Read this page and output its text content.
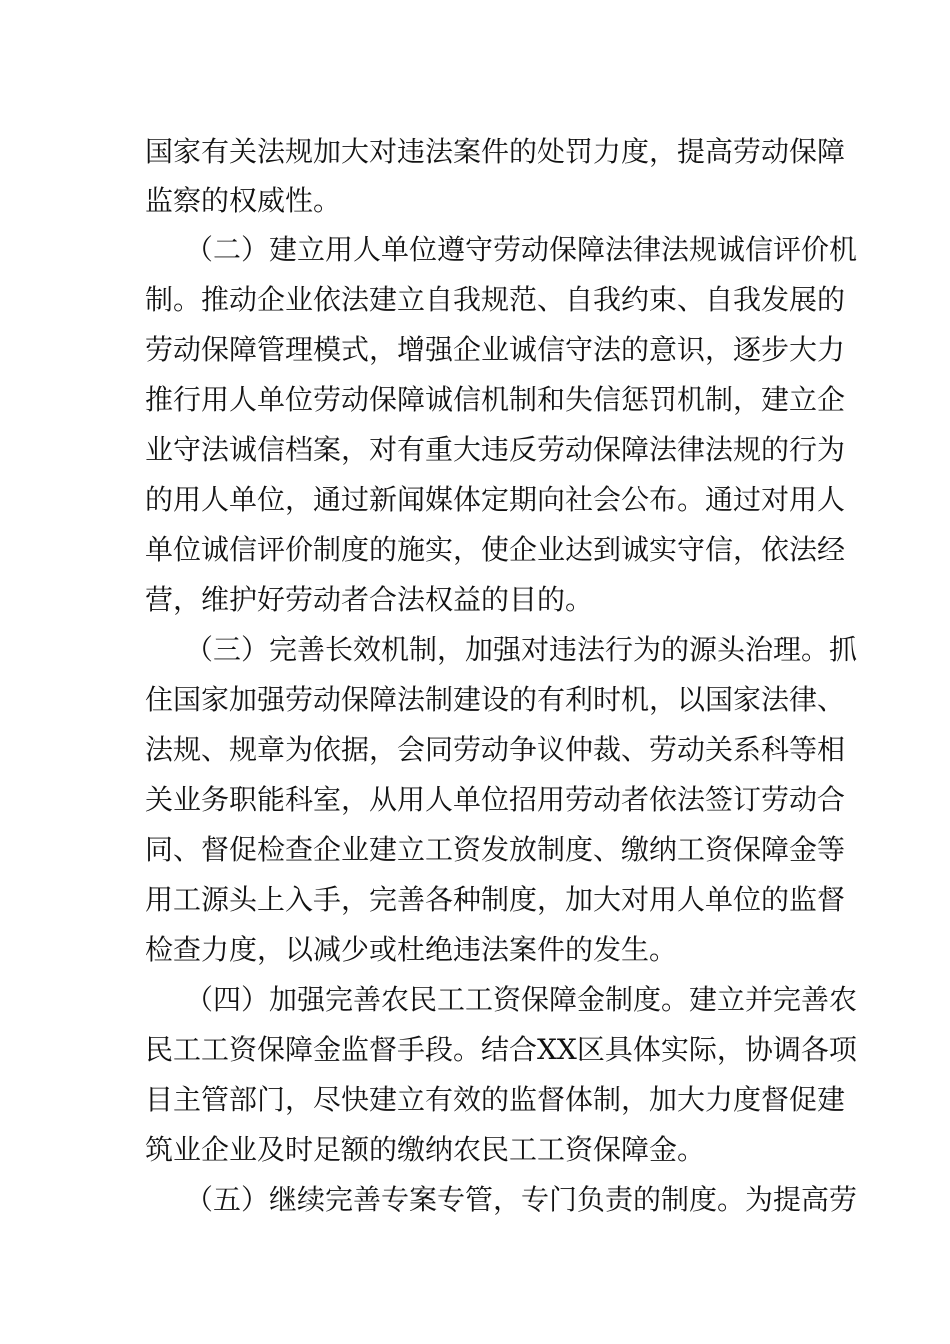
国家有关法规加大对违法案件的处罚力度，提高劳动保障
监察的权威性。
（二）建立用人单位遵守劳动保障法律法规诚信评价机
制。推动企业依法建立自我规范、自我约束、自我发展的
劳动保障管理模式，增强企业诚信守法的意识，逐步大力
推行用人单位劳动保障诚信机制和失信惩罚机制，建立企
业守法诚信档案，对有重大违反劳动保障法律法规的行为
的用人单位，通过新闻媒体定期向社会公布。通过对用人
单位诚信评价制度的施实，使企业达到诚实守信，依法经
营，维护好劳动者合法权益的目的。
（三）完善长效机制，加强对违法行为的源头治理。抓
住国家加强劳动保障法制建设的有利时机，以国家法律、
法规、规章为依据，会同劳动争议仲裁、劳动关系科等相
关业务职能科室，从用人单位招用劳动者依法签订劳动合
同、督促检查企业建立工资发放制度、缴纳工资保障金等
用工源头上入手，完善各种制度，加大对用人单位的监督
检查力度，以减少或杜绝违法案件的发生。
（四）加强完善农民工工资保障金制度。建立并完善农
民工工资保障金监督手段。结合XX区具体实际，协调各项
目主管部门，尽快建立有效的监督体制，加大力度督促建
筑业企业及时足额的缴纳农民工工资保障金。
（五）继续完善专案专管，专门负责的制度。为提高劳
